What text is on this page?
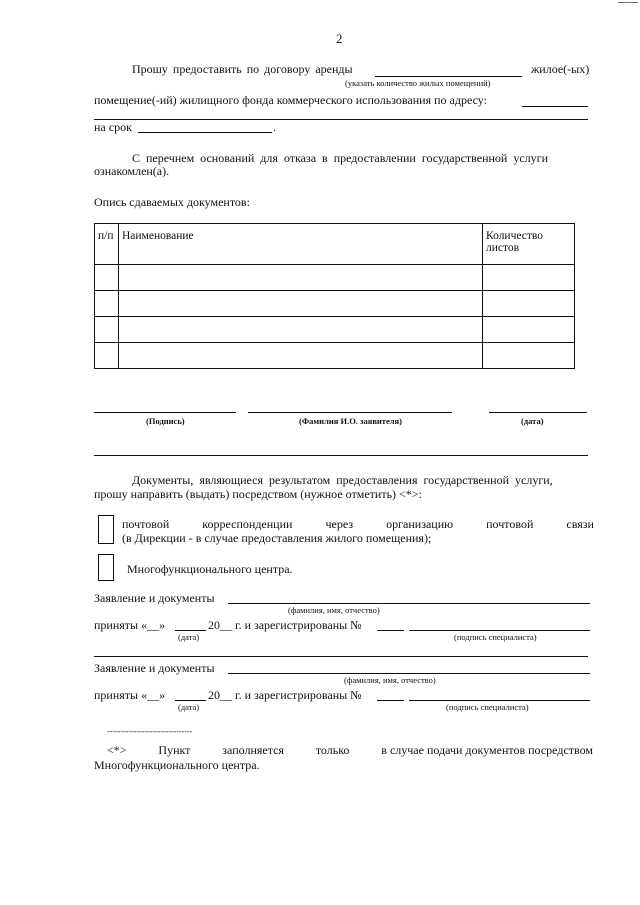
2
Прошу предоставить по договору аренды	жилое(-ых)
(указать количество жилых помещений)
помещение(-ий) жилищного фонда коммерческого использования по адресу:
на срок	.
С перечнем оснований для отказа в предоставлении государственной услуги
ознакомлен(а).
Опись сдаваемых документов:
п/п	Наименование	Количество
листов

(Подпись)	(Фамилия И.О. заявителя)	(дата)
Документы, являющиеся результатом предоставления государственной услуги,
прошу направить (выдать) посредством (нужное отметить) <*>:
почтовой	корреспонденции	через	организацию	почтовой	связи
(в Дирекции - в случае предоставления жилого помещения);
Многофункционального центра.
Заявление и документы
(фамилия, имя, отчество)
приняты «__»	20__ г. и зарегистрированы №
(дата)	(подпись специалиста)
Заявление и документы
(фамилия, имя, отчество)
приняты «__»	20__ г. и зарегистрированы №
(дата)	(подпись специалиста)
--------------------------------
<*>	Пункт	заполняется	только	в случае подачи документов посредством
Многофункционального центра.
